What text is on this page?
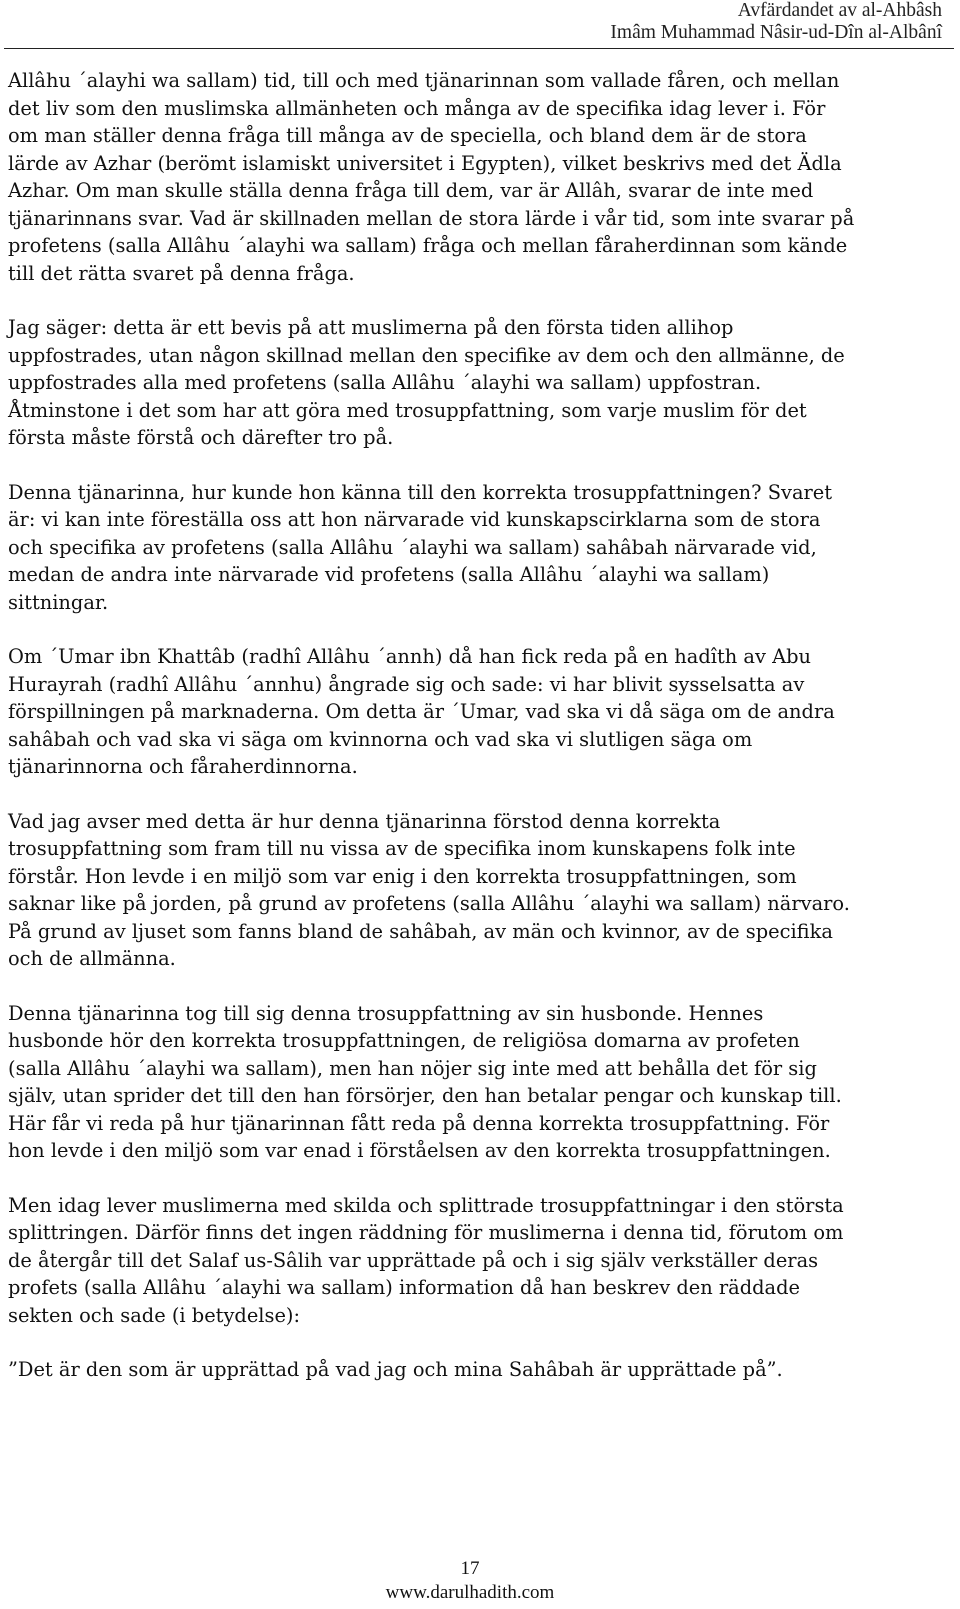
Avfärdandet av al-Ahbâsh
Imâm Muhammad Nâsir-ud-Dîn al-Albânî

Allâhu ´alayhi wa sallam) tid, till och med tjänarinnan som vallade fåren, och mellan
det liv som den muslimska allmänheten och många av de specifika idag lever i. För
om man ställer denna fråga till många av de speciella, och bland dem är de stora
lärde av Azhar (berömt islamiskt universitet i Egypten), vilket beskrivs med det Ädla
Azhar. Om man skulle ställa denna fråga till dem, var är Allâh, svarar de inte med
tjänarinnans svar. Vad är skillnaden mellan de stora lärde i vår tid, som inte svarar på
profetens (salla Allâhu ´alayhi wa sallam) fråga och mellan fåraherdinnan som kände
till det rätta svaret på denna fråga.

Jag säger: detta är ett bevis på att muslimerna på den första tiden allihop
uppfostrades, utan någon skillnad mellan den specifike av dem och den allmänne, de
uppfostrades alla med profetens (salla Allâhu ´alayhi wa sallam) uppfostran.
Åtminstone i det som har att göra med trosuppfattning, som varje muslim för det
första måste förstå och därefter tro på.

Denna tjänarinna, hur kunde hon känna till den korrekta trosuppfattningen? Svaret
är: vi kan inte föreställa oss att hon närvarade vid kunskapscirklarna som de stora
och specifika av profetens (salla Allâhu ´alayhi wa sallam) sahâbah närvarade vid,
medan de andra inte närvarade vid profetens (salla Allâhu ´alayhi wa sallam)
sittningar.

Om ´Umar ibn Khattâb (radhî Allâhu ´annh) då han fick reda på en hadîth av Abu
Hurayrah (radhî Allâhu ´annhu) ångrade sig och sade: vi har blivit sysselsatta av
förspillningen på marknaderna. Om detta är ´Umar, vad ska vi då säga om de andra
sahâbah och vad ska vi säga om kvinnorna och vad ska vi slutligen säga om
tjänarinnorna och fåraherdinnorna.

Vad jag avser med detta är hur denna tjänarinna förstod denna korrekta
trosuppfattning som fram till nu vissa av de specifika inom kunskapens folk inte
förstår. Hon levde i en miljö som var enig i den korrekta trosuppfattningen, som
saknar like på jorden, på grund av profetens (salla Allâhu ´alayhi wa sallam) närvaro.
På grund av ljuset som fanns bland de sahâbah, av män och kvinnor, av de specifika
och de allmänna.

Denna tjänarinna tog till sig denna trosuppfattning av sin husbonde. Hennes
husbonde hör den korrekta trosuppfattningen, de religiösa domarna av profeten
(salla Allâhu ´alayhi wa sallam), men han nöjer sig inte med att behålla det för sig
själv, utan sprider det till den han försörjer, den han betalar pengar och kunskap till.
Här får vi reda på hur tjänarinnan fått reda på denna korrekta trosuppfattning. För
hon levde i den miljö som var enad i förståelsen av den korrekta trosuppfattningen.

Men idag lever muslimerna med skilda och splittrade trosuppfattningar i den största
splittringen. Därför finns det ingen räddning för muslimerna i denna tid, förutom om
de återgår till det Salaf us-Sâlih var upprättade på och i sig själv verkställer deras
profets (salla Allâhu ´alayhi wa sallam) information då han beskrev den räddade
sekten och sade (i betydelse):

”Det är den som är upprättad på vad jag och mina Sahâbah är upprättade på”.

17
www.darulhadith.com
